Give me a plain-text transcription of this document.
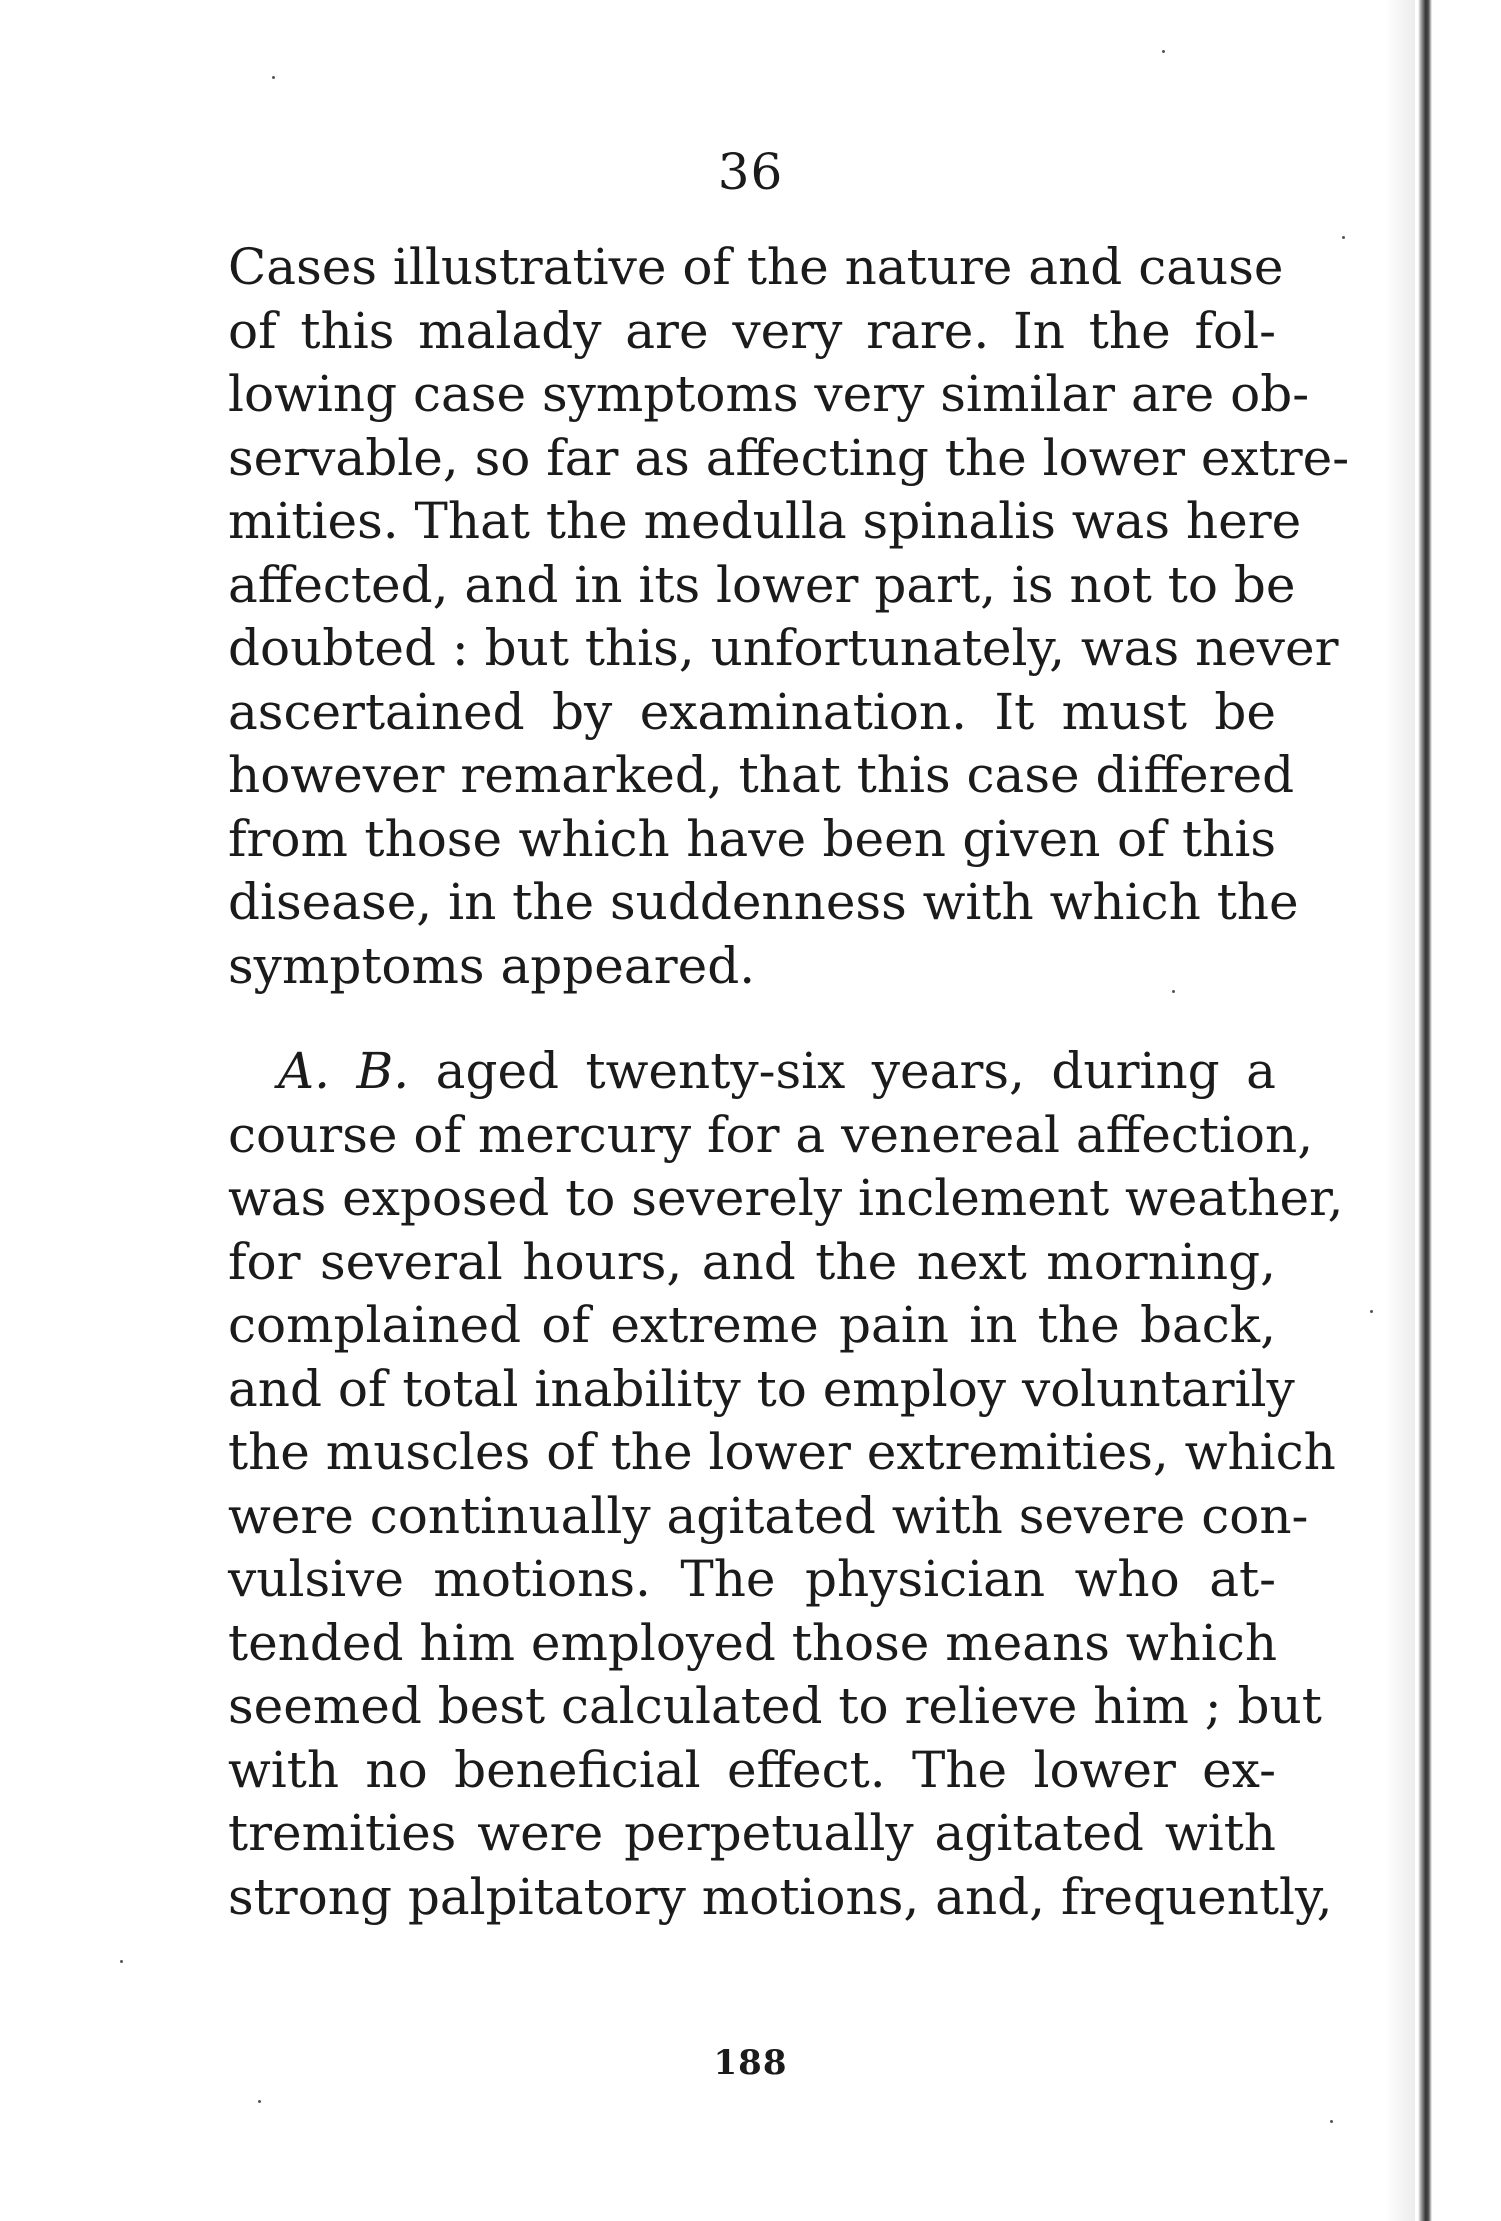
36
Cases illustrative of the nature and cause
of this malady are very rare. In the fol-
lowing case symptoms very similar are ob-
servable, so far as affecting the lower extre-
mities. That the medulla spinalis was here
affected, and in its lower part, is not to be
doubted : but this, unfortunately, was never
ascertained by examination. It must be
however remarked, that this case differed
from those which have been given of this
disease, in the suddenness with which the
symptoms appeared.
A. B. aged twenty-six years, during a
course of mercury for a venereal affection,
was exposed to severely inclement weather,
for several hours, and the next morning,
complained of extreme pain in the back,
and of total inability to employ voluntarily
the muscles of the lower extremities, which
were continually agitated with severe con-
vulsive motions. The physician who at-
tended him employed those means which
seemed best calculated to relieve him ; but
with no beneficial effect. The lower ex-
tremities were perpetually agitated with
strong palpitatory motions, and, frequently,
188
